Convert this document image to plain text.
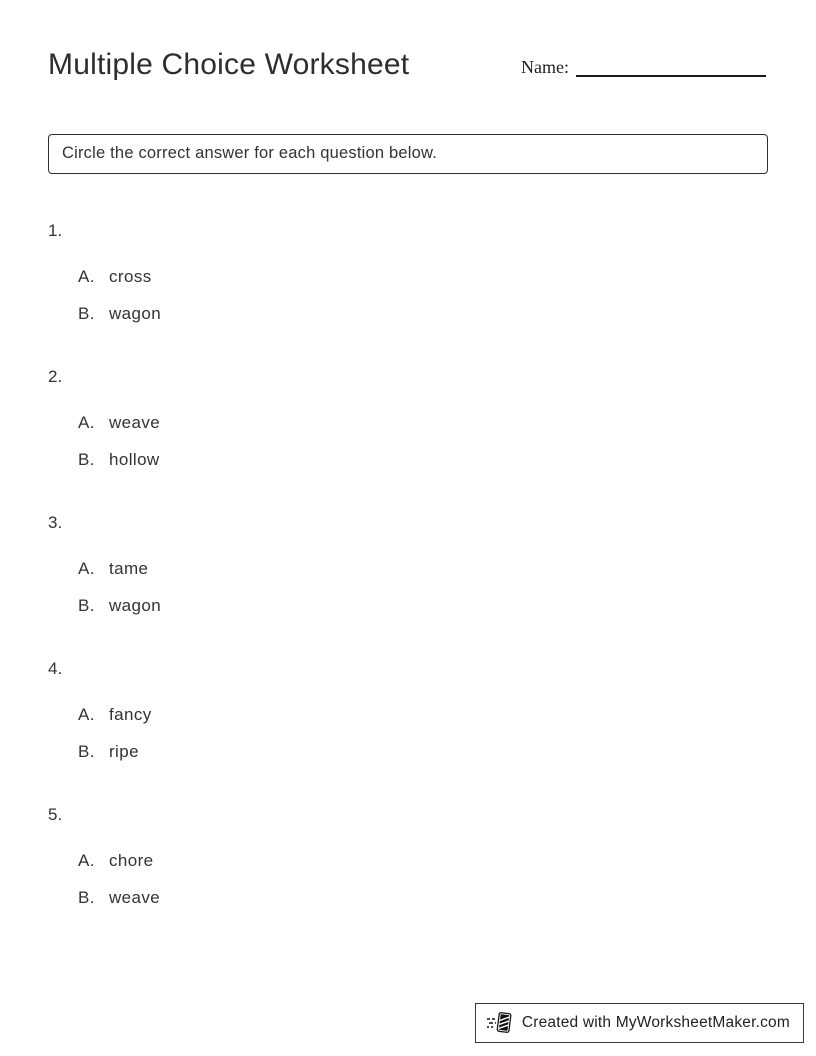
Multiple Choice Worksheet	Name:
Circle the correct answer for each question below.
1.
A. cross
B. wagon
2.
A. weave
B. hollow
3.
A. tame
B. wagon
4.
A. fancy
B. ripe
5.
A. chore
B. weave
Created with MyWorksheetMaker.com
